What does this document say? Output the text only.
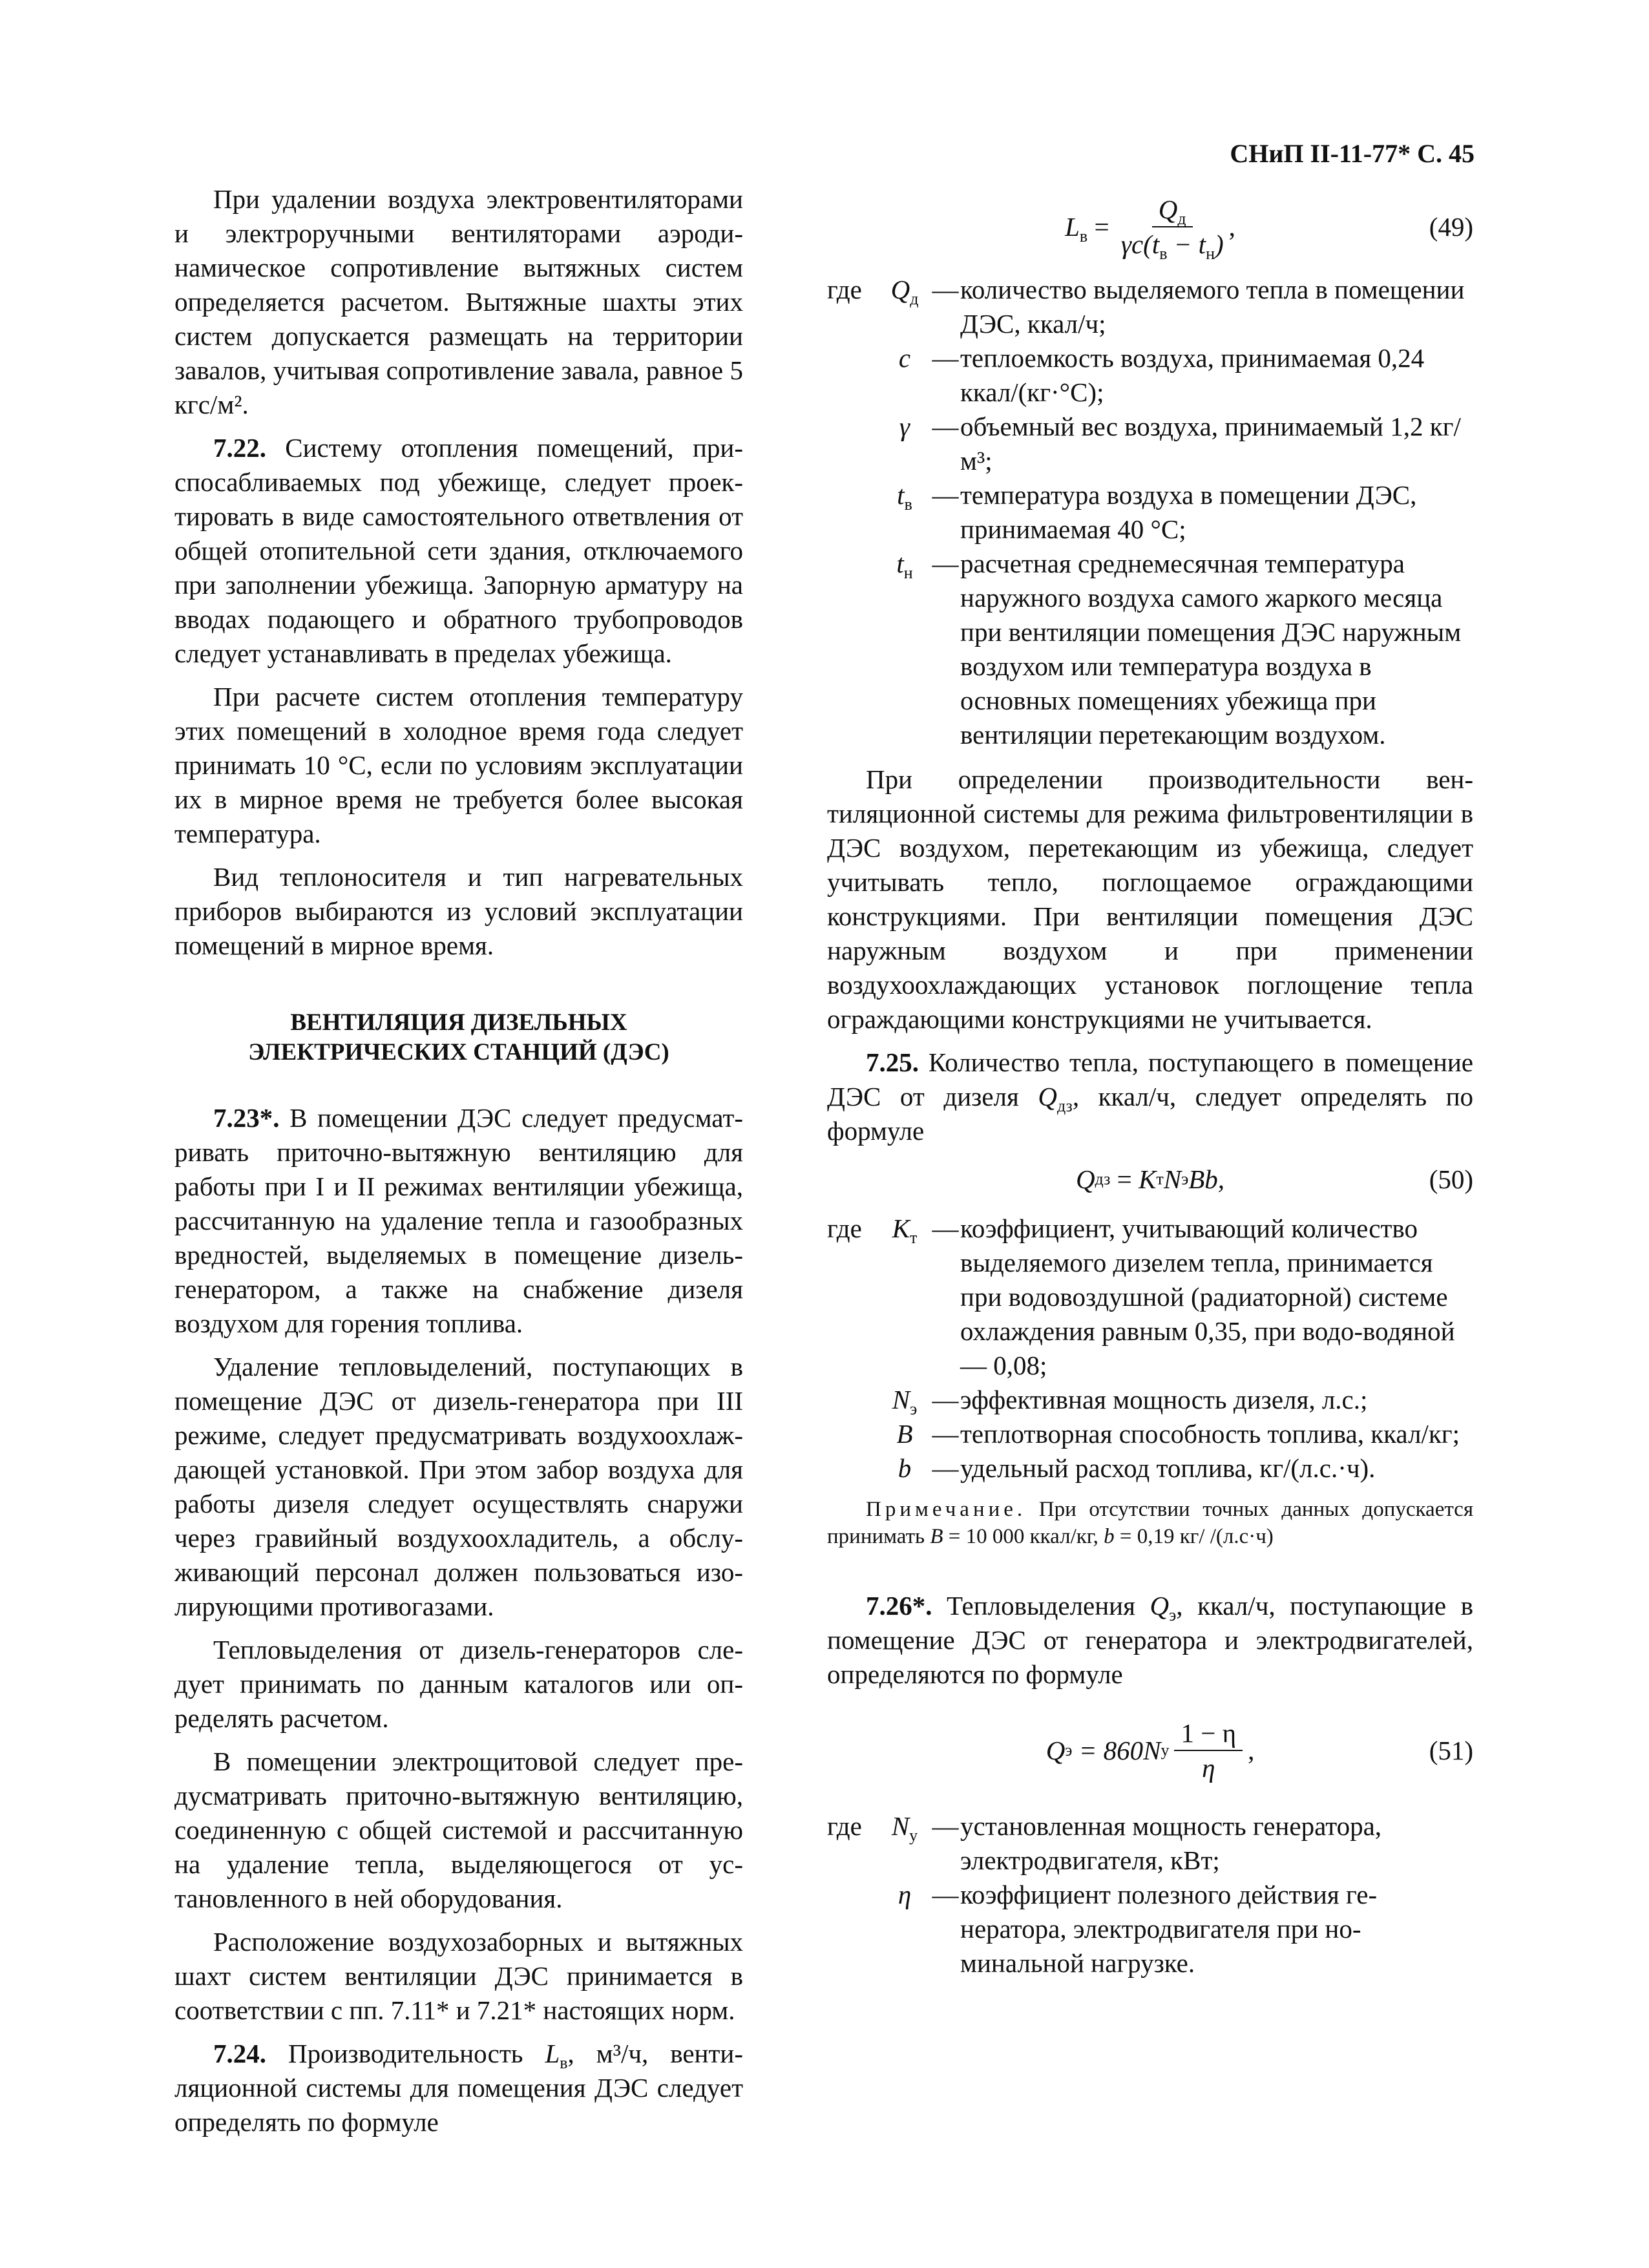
СНиП II-11-77* С. 45

При удалении воздуха электровентиляторами и электроручными вентиляторами аэродинамическое сопротивление вытяжных систем определяется расчетом. Вытяжные шахты этих систем допускается размещать на территории завалов, учитывая сопротивление завала, равное 5 кгс/м².

7.22. Систему отопления помещений, приспосабливаемых под убежище, следует проектировать в виде самостоятельного ответвления от общей отопительной сети здания, отключаемого при заполнении убежища. Запорную арматуру на вводах подающего и обратного трубопроводов следует устанавливать в пределах убежища.

При расчете систем отопления температуру этих помещений в холодное время года следует принимать 10 °С, если по условиям эксплуатации их в мирное время не требуется более высокая температура.

Вид теплоносителя и тип нагревательных приборов выбираются из условий эксплуатации помещений в мирное время.

ВЕНТИЛЯЦИЯ ДИЗЕЛЬНЫХ
ЭЛЕКТРИЧЕСКИХ СТАНЦИЙ (ДЭС)

7.23*. В помещении ДЭС следует предусматривать приточно-вытяжную вентиляцию для работы при I и II режимах вентиляции убежища, рассчитанную на удаление тепла и газообразных вредностей, выделяемых в помещение дизель-генератором, а также на снабжение дизеля воздухом для горения топлива.

Удаление тепловыделений, поступающих в помещение ДЭС от дизель-генератора при III режиме, следует предусматривать воздухоохлаждающей установкой. При этом забор воздуха для работы дизеля следует осуществлять снаружи через гравийный воздухоохладитель, а обслуживающий персонал должен пользоваться изолирующими противогазами.

Тепловыделения от дизель-генераторов следует принимать по данным каталогов или определять расчетом.

В помещении электрощитовой следует предусматривать приточно-вытяжную вентиляцию, соединенную с общей системой и рассчитанную на удаление тепла, выделяющегося от установленного в ней оборудования.

Расположение воздухозаборных и вытяжных шахт систем вентиляции ДЭС принимается в соответствии с пп. 7.11* и 7.21* настоящих норм.

7.24. Производительность $L_в$, м³/ч, вентиляционной системы для помещения ДЭС следует определять по формуле

$L_в = \frac{Q_д}{\gamma c(t_в - t_н)}$ ,	(49)
где	$Q_д$ — количество выделяемого тепла в помещении ДЭС, ккал/ч;
c — теплоемкость воздуха, принимаемая 0,24 ккал/(кг·°С);
γ — объемный вес воздуха, принимаемый 1,2 кг/м³;
$t_в$ — температура воздуха в помещении ДЭС, принимаемая 40 °С;
$t_н$ — расчетная среднемесячная температура наружного воздуха самого жаркого месяца при вентиляции помещения ДЭС наружным воздухом или температура воздуха в основных помещениях убежища при вентиляции перетекающим воздухом.

При определении производительности вентиляционной системы для режима фильтровентиляции в ДЭС воздухом, перетекающим из убежища, следует учитывать тепло, поглощаемое ограждающими конструкциями. При вентиляции помещения ДЭС наружным воздухом и при применении воздухоохлаждающих установок поглощение тепла ограждающими конструкциями не учитывается.

7.25. Количество тепла, поступающего в помещение ДЭС от дизеля $Q_{дз}$, ккал/ч, следует определять по формуле

Q дз = K т N э Bb,	(50)
где	$K_т$ — коэффициент, учитывающий количество выделяемого дизелем тепла, принимается при водовоздушной (радиаторной) системе охлаждения равным 0,35, при водо-водяной — 0,08;
$N_э$ — эффективная мощность дизеля, л.с.;
B — теплотворная способность топлива, ккал/кг;
b — удельный расход топлива, кг/(л.с.·ч).
Примечание. При отсутствии точных данных допускается принимать B = 10 000 ккал/кг, b = 0,19 кг/ /(л.с·ч)

7.26*. Тепловыделения $Q_э$, ккал/ч, поступающие в помещение ДЭС от генератора и электродвигателей, определяются по формуле

Q э
= 860N у $\frac{1 - \eta}{\eta}$ ,	(51)
где	$N_у$ — установленная мощность генератора, электродвигателя, кВт;
η — коэффициент полезного действия генератора, электродвигателя при номинальной нагрузке.
